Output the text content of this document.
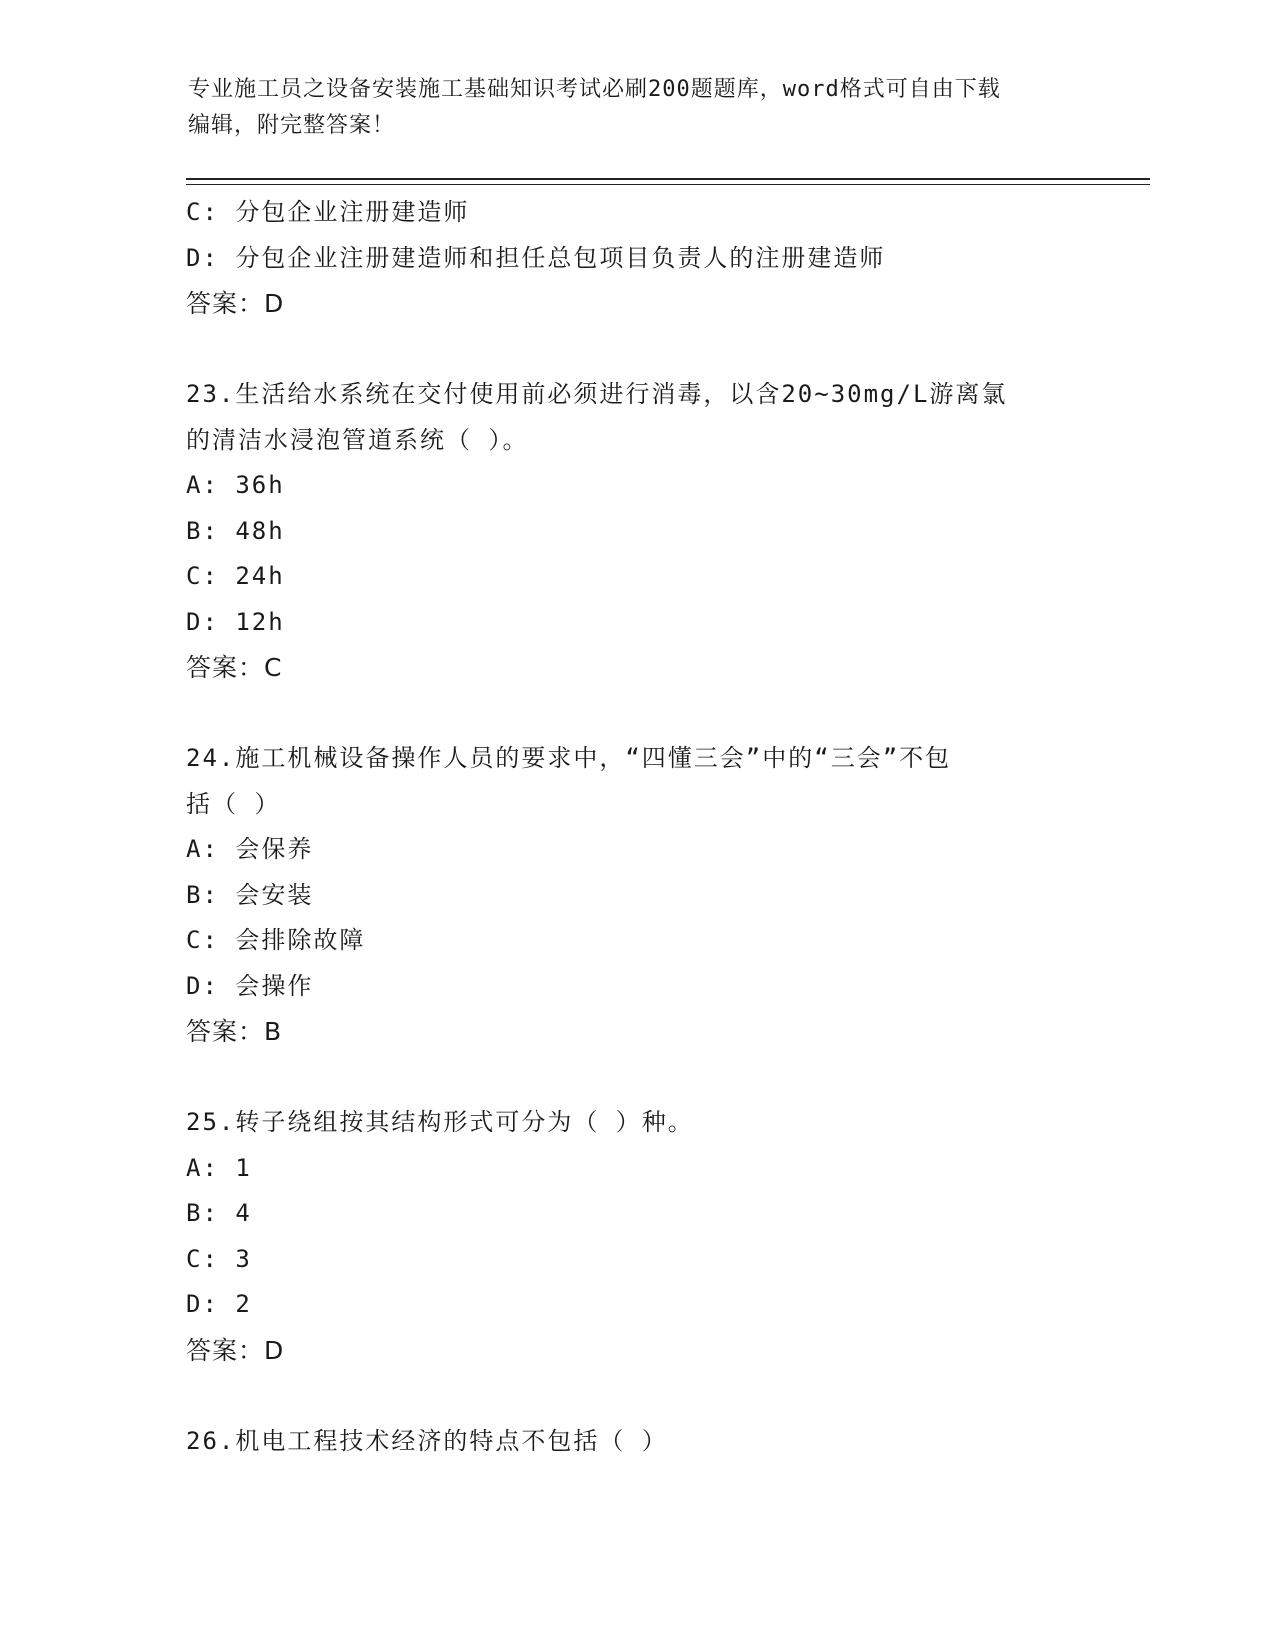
专业施工员之设备安装施工基础知识考试必刷200题题库，word格式可自由下载
编辑，附完整答案！
C: 分包企业注册建造师
D: 分包企业注册建造师和担任总包项目负责人的注册建造师
答案：D
23.生活给水系统在交付使用前必须进行消毒，以含20~30mg/L游离氯
的清洁水浸泡管道系统（ ）。
A: 36h
B: 48h
C: 24h
D: 12h
答案：C
24.施工机械设备操作人员的要求中，“四懂三会”中的“三会”不包
括（ ）
A: 会保养
B: 会安装
C: 会排除故障
D: 会操作
答案：B
25.转子绕组按其结构形式可分为（ ）种。
A: 1
B: 4
C: 3
D: 2
答案：D
26.机电工程技术经济的特点不包括（ ）
